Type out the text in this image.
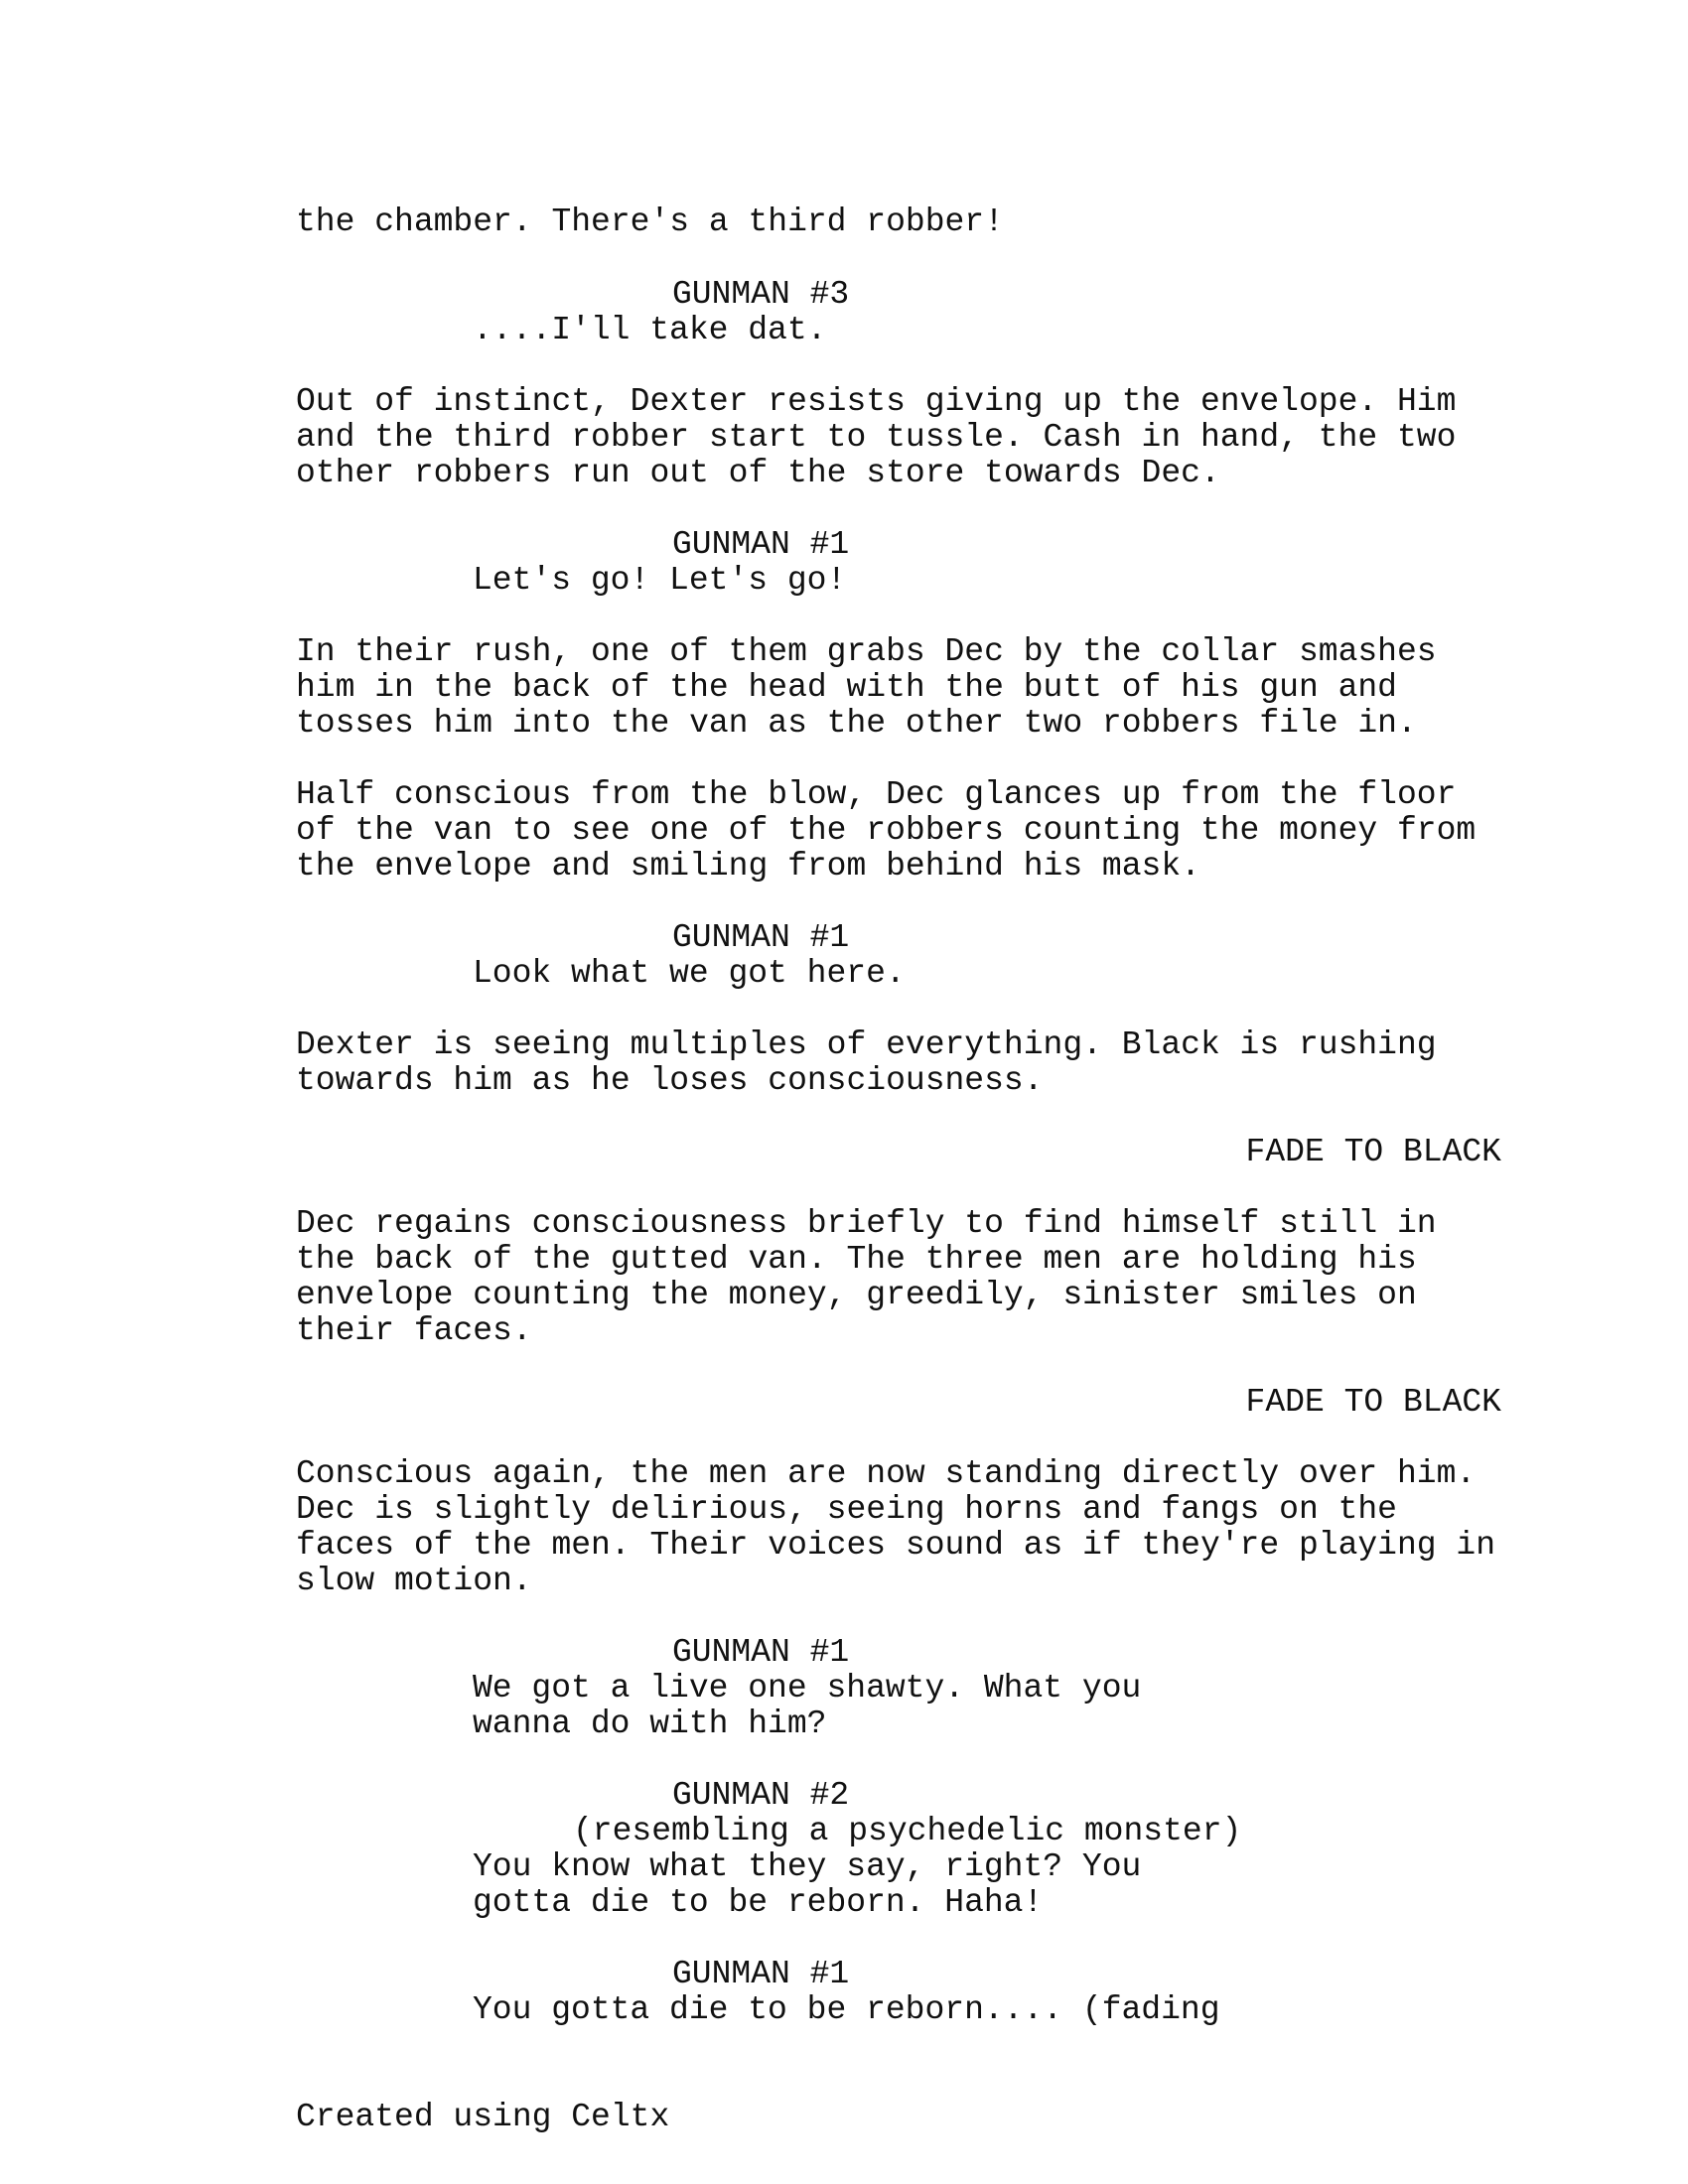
the chamber. There's a third robber!

GUNMAN #3

....I'll take dat.

Out of instinct, Dexter resists giving up the envelope. Him

and the third robber start to tussle. Cash in hand, the two

other robbers run out of the store towards Dec.

GUNMAN #1

Let's go! Let's go!

In their rush, one of them grabs Dec by the collar smashes

him in the back of the head with the butt of his gun and

tosses him into the van as the other two robbers file in.

Half conscious from the blow, Dec glances up from the floor

of the van to see one of the robbers counting the money from

the envelope and smiling from behind his mask.

GUNMAN #1

Look what we got here.

Dexter is seeing multiples of everything. Black is rushing

towards him as he loses consciousness.

FADE TO BLACK

Dec regains consciousness briefly to find himself still in

the back of the gutted van. The three men are holding his

envelope counting the money, greedily, sinister smiles on

their faces.

FADE TO BLACK

Conscious again, the men are now standing directly over him.

Dec is slightly delirious, seeing horns and fangs on the

faces of the men. Their voices sound as if they're playing in

slow motion.

GUNMAN #1

We got a live one shawty. What you

wanna do with him?

GUNMAN #2

(resembling a psychedelic monster)

You know what they say, right? You

gotta die to be reborn. Haha!

GUNMAN #1

You gotta die to be reborn.... (fading

Created using Celtx
